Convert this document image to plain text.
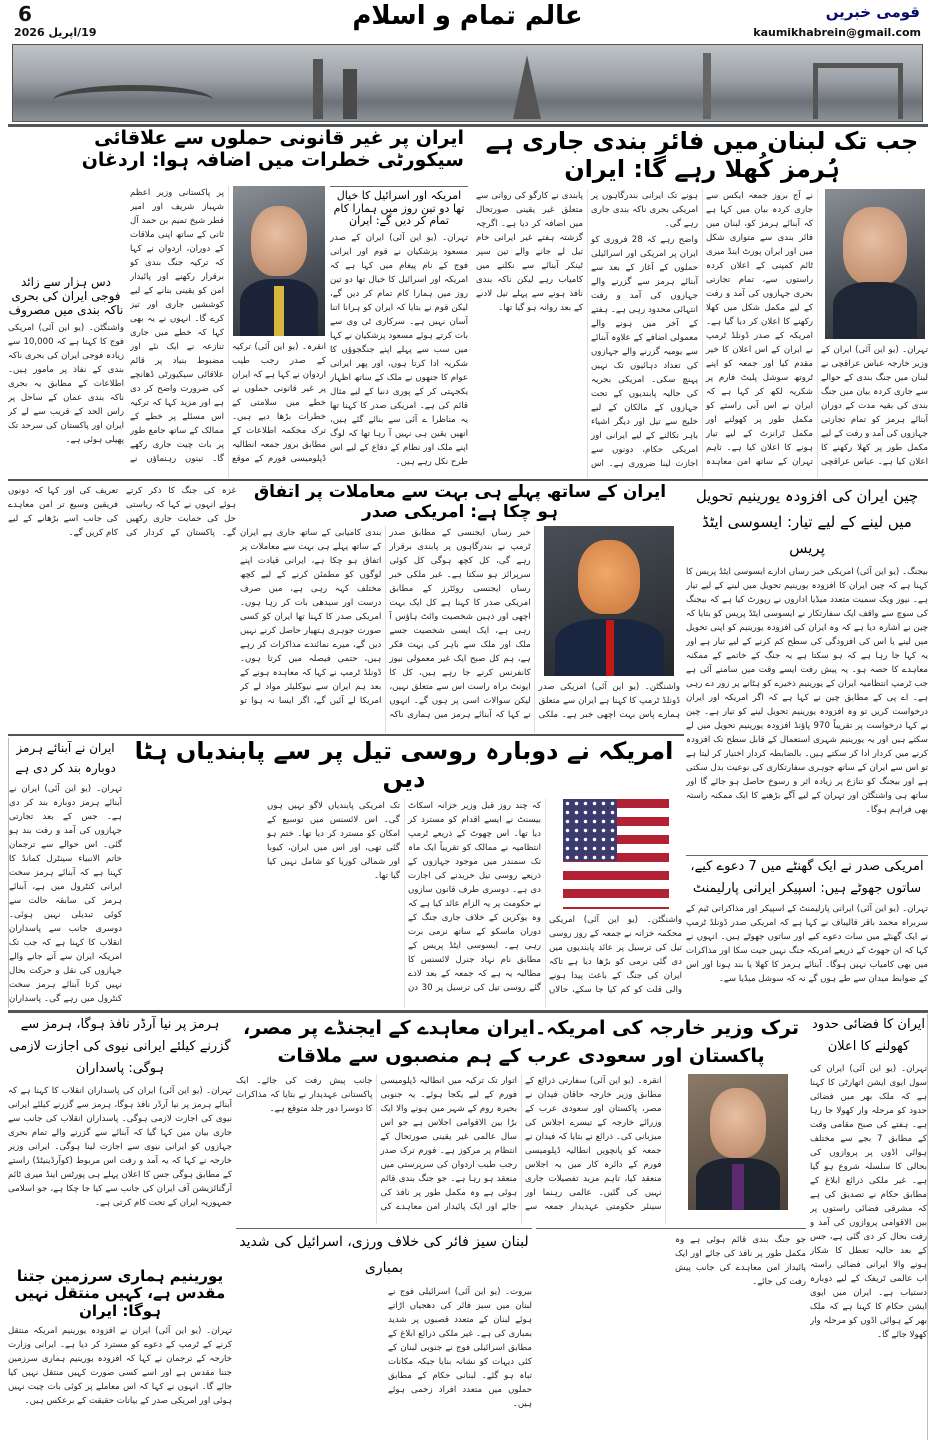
6
19/اپریل 2026
عالم تمام و اسلام	قومی خبریں
kaumikhabrein@gmail.com
جب تک لبنان میں فائر بندی جاری ہے ہُرمز کُھلا رہے گا: ایران

تہران۔ (یو این آئی) ایران کے وزیر خارجہ عباس عراقچی نے لبنان میں جنگ بندی کے حوالے سے جاری کردہ بیان میں جنگ بندی کی بقیہ مدت کے دوران آبنائے ہرمز کو تمام تجارتی جہازوں کی آمد و رفت کے لیے مکمل طور پر کھلا رکھنے کا اعلان کیا ہے۔ عباس عراقچی نے آج بروز جمعہ ایکس سے جاری کردہ بیان میں کہا ہے کہ آبنائے ہرمز کو، لبنان میں فائر بندی سے متوازی شکل میں اور ایران پورٹ اینڈ میری ٹائم کمپنی کے اعلان کردہ راستوں سے، تمام تجارتی بحری جہازوں کی آمد و رفت کے لیے مکمل شکل میں کھلا رکھنے کا اعلان کر دیا گیا ہے۔ امریکہ کے صدر ڈونلڈ ٹرمپ نے ایران کے اس اعلان کا خیر مقدم کیا اور جمعہ کو اپنے ٹروتھ سوشل پلیٹ فارم پر شکریہ لکھ کر کہا ہے کہ ایران نے اس آبی راستے کو مکمل طور پر کھولنے اور مکمل ٹرانزٹ کے لیے تیار ہونے کا اعلان کیا ہے۔ تاہم تہران کے ساتھ امن معاہدہ ہونے تک ایرانی بندرگاہوں پر امریکی بحری ناکہ بندی جاری رہے گی۔

واضح رہے کہ 28 فروری کو ایران پر امریکی اور اسرائیلی حملوں کے آغاز کے بعد سے آبنائے ہرمز سے گزرنے والے جہازوں کی آمد و رفت انتہائی محدود رہی ہے۔ ہفتے کے آخر میں ہونے والے معمولی اضافے کے علاوہ آبنائے سے یومیہ گزرنے والے جہازوں کی تعداد دہائیوں تک نہیں پہنچ سکی۔ امریکی بحریہ کی حالیہ پابندیوں کے تحت جہازوں کے مالکان کے لیے خلیج سے تیل اور دیگر اشیاء باہر نکالنے کے لیے ایرانی اور امریکی حکام، دونوں سے اجازت لینا ضروری ہے۔ اس پابندی نے کارگو کی روانی سے متعلق غیر یقینی صورتحال میں اضافہ کر دیا ہے۔ اگرچہ گزشتہ ہفتے غیر ایرانی خام تیل لے جانے والے تین سپر ٹینکر آبنائے سے نکلنے میں کامیاب رہے لیکن ناکہ بندی نافذ ہونے سے پہلے تیل لادنے کے بعد روانہ ہو گیا تھا۔

ایران پر غیر قانونی حملوں سے علاقائی سیکورٹی خطرات میں اضافہ ہوا: اردغان
دس ہزار سے زائد فوجی ایران کی بحری ناکہ بندی میں مصروف
واشنگٹن۔ (یو این آئی) امریکی فوج کا کہنا ہے کہ 10,000 سے زیادہ فوجی ایران کی بحری ناکہ بندی کے نفاذ پر مامور ہیں۔ اطلاعات کے مطابق یہ بحری ناکہ بندی عمان کے ساحل پر راس الحد کے قریب سے لے کر ایران اور پاکستان کی سرحد تک پھیلی ہوئی ہے۔

انقرہ۔ (یو این آئی) ترکیہ کے صدر رجب طیب اردوان نے کہا ہے کہ ایران پر غیر قانونی حملوں نے خطے میں سلامتی کے خطرات بڑھا دیے ہیں۔ ترک محکمہ اطلاعات کے مطابق بروز جمعہ انطالیہ ڈپلومیسی فورم کے موقع پر پاکستانی وزیر اعظم شہباز شریف اور امیر قطر شیخ تمیم بن حمد آل ثانی کے ساتھ اپنی ملاقات کے دوران، اردوان نے کہا کہ ترکیہ جنگ بندی کو برقرار رکھنے اور پائیدار امن کو یقینی بنانے کے لیے کوششیں جاری اور تیز کرے گا۔ انہوں نے یہ بھی کہا کہ خطے میں جاری تنازعہ نے ایک نئے اور مضبوط بنیاد پر قائم علاقائی سیکیورٹی ڈھانچے کی ضرورت واضح کر دی ہے اور مزید کہا کہ ترکیہ اس مسئلے پر خطے کے ممالک کے ساتھ جامع طور پر بات چیت جاری رکھے گا۔ تینوں رہنماؤں نے

امریکہ اور اسرائیل کا خیال تھا دو تین روز میں ہمارا کام تمام کر دیں گے: ایران
تہران۔ (یو این آئی) ایران کے صدر مسعود پزشکیان نے قوم اور ایرانی فوج کے نام پیغام میں کہا ہے کہ امریکہ اور اسرائیل کا خیال تھا دو تین روز میں ہمارا کام تمام کر دیں گے، لیکن قوم نے بتایا کہ ایران کو ہرانا اتنا آسان نہیں ہے۔ سرکاری ٹی وی سے بات کرتے ہوئے مسعود پزشکیان نے کہا میں سب سے پہلے اپنے جنگجوؤں کا شکریہ ادا کرتا ہوں، اور پھر ایرانی عوام کا جنھوں نے ملک کے ساتھ اظہار یکجہتی کر کے پوری دنیا کے لیے مثال قائم کی ہے۔ امریکی صدر کا کہنا تھا یہ مناظرا ے آئی سے بنائے گئے ہیں، انھیں یقین ہی نہیں آ رہا تھا کہ لوگ اپنے ملک اور نظام کے دفاع کے لیے اس طرح نکل رہے ہیں۔
ایران کے ساتھ پہلے ہی بہت سے معاملات پر اتفاق ہو چکا ہے: امریکی صدر

واشنگٹن۔ (یو این آئی) امریکی صدر ڈونلڈ ٹرمپ کا کہنا ہے ایران سے متعلق ہمارے پاس بہت اچھی خبر ہے۔ ملکی خبر رساں ایجنسی کے مطابق صدر ٹرمپ نے بندرگاہوں پر پابندی برقرار رہے گی، کل کچھ ہوگی کل کوئی سرپرائز ہو سکتا ہے۔ غیر ملکی خبر رساں ایجنسی روئٹرز کے مطابق امریکی صدر کا کہنا ہے کل ایک بہت اچھی اور ذہین شخصیت وائٹ ہاؤس آ رہی ہے، ایک ایسی شخصیت جسے ملک اور ملک سے باہر کی بہت فکر ہے، ہم کل صبح ایک غیر معمولی نیوز کانفرنس کرنے جا رہے ہیں، کل کا ایونٹ براہ راست اس سے متعلق نہیں، لیکن سوالات اسی پر ہوں گے۔ انہوں نے کہا کہ آبنائے ہرمز میں ہماری ناکہ بندی کامیابی کے ساتھ جاری ہے ایران کے ساتھ پہلے ہی بہت سے معاملات پر اتفاق ہو چکا ہے، ایرانی قیادت اپنے لوگوں کو مطمئن کرنے کے لیے کچھ مختلف کہہ رہی ہے، میں صرف درست اور سیدھی بات کر رہا ہوں۔ امریکی صدر کا کہنا تھا ایران کو کسی صورت جوہری ہتھیار حاصل کرنے نہیں دیں گے، میرے نمائندے مذاکرات کر رہے ہیں، حتمی فیصلہ میں کرتا ہوں۔ ڈونلڈ ٹرمپ نے کہا کہ معاہدہ ہونے کے بعد ہم ایران سے نیوکلیئر مواد لے کر امریکا لے آئیں گے، اگر ایسا نہ ہوا تو

غزہ کی جنگ کا ذکر کرتے ہوئے انہوں نے کہا کہ ریاستی حل کی حمایت جاری رکھیں گے۔ پاکستان کے کردار کی تعریف کی اور کہا کہ دونوں فریقین وسیع تر امن معاہدے کی جانب اسے بڑھانے کے لیے کام کریں گے۔

چین ایران کی افزودہ یورینیم تحویل میں لینے کے لیے تیار: ایسوسی ایٹڈ پریس
بیجنگ۔ (یو این آئی) امریکی خبر رساں ادارے ایسوسی ایٹڈ پریس کا کہنا ہے کہ چین ایران کا افزودہ یورینیم تحویل میں لینے کے لیے تیار ہے۔ نیوز ویک سمیت متعدد میڈیا اداروں نے رپورٹ کیا ہے کہ بیجنگ کی سوچ سے واقف ایک سفارتکار نے ایسوسی ایٹڈ پریس کو بتایا کہ چین نے اشارہ دیا ہے کہ وہ ایران کی افزودہ یورینیم کو اپنی تحویل میں لینے یا اس کی افزودگی کی سطح کم کرنے کے لیے تیار ہے اور یہ کہا جا رہا ہے کہ ہو سکتا ہے یہ جنگ کے خاتمے کے ممکنہ معاہدے کا حصہ ہو۔ یہ پیش رفت ایسے وقت میں سامنے آئی ہے جب ٹرمپ انتظامیہ ایران کے یورینیم ذخیرے کو ہٹانے پر زور دے رہی ہے۔ اے پی کے مطابق چین نے کہا ہے کہ اگر امریکہ اور ایران درخواست کریں تو وہ افزودہ یورینیم تحویل لینے کو تیار ہے۔ چین نے کہا درخواست پر تقریباً 970 پاؤنڈ افزودہ یورینیم تحویل میں لے سکتے ہیں اور یہ یورینیم شہری استعمال کے قابل سطح تک افزودہ کرنے میں کردار ادا کر سکتے ہیں۔ بالضابطہ کردار اختیار کر لیتا ہے تو اس سے ایران کے ساتھ جوہری سفارتکاری کی نوعیت بدل سکتی ہے اور بیجنگ کو تنازع پر زیادہ اثر و رسوخ حاصل ہو جائے گا اور ساتھ ہی واشنگٹن اور تہران کے لیے آگے بڑھنے کا ایک ممکنہ راستہ بھی فراہم ہوگا۔
امریکہ نے دوبارہ روسی تیل پر سے پابندیاں ہٹا دیں

واشنگٹن۔ (یو این آئی) امریکی محکمہ خزانہ نے جمعہ کے روز روسی تیل کی ترسیل پر عائد پابندیوں میں دی گئی نرمی کو بڑھا دیا ہے تاکہ ایران کی جنگ کے باعث پیدا ہونے والی قلت کو کم کیا جا سکے، حالاں کہ چند روز قبل وزیر خزانہ اسکاٹ بیسنٹ نے ایسے اقدام کو مسترد کر دیا تھا۔ اس چھوٹ کے ذریعے ٹرمپ انتظامیہ نے ممالک کو تقریباً ایک ماہ تک سمندر میں موجود جہازوں کے ذریعے روسی تیل خریدنے کی اجازت دی ہے۔ دوسری طرف قانون سازوں نے حکومت پر یہ الزام عائد کیا ہے کہ وہ یوکرین کے خلاف جاری جنگ کے دوران ماسکو کے ساتھ نرمی برت رہی ہے۔ ایسوسی ایٹڈ پریس کے مطابق نام نہاد جنرل لائسنس کا مطالبہ یہ ہے کہ جمعہ کے بعد لادے گئے روسی تیل کی ترسیل پر 30 دن تک امریکی پابندیاں لاگو نہیں ہوں گی۔ اس لائسنس میں توسیع کے امکان کو مسترد کر دیا تھا۔ ختم ہو گئی تھی، اور اس میں ایران، کیوبا اور شمالی کوریا کو شامل نہیں کیا گیا تھا۔

ایران نے آبنائے ہرمز دوبارہ بند کر دی ہے
تہران۔ (یو این آئی) ایران نے آبنائے ہرمز دوبارہ بند کر دی ہے۔ جس کے بعد تجارتی جہازوں کی آمد و رفت بند ہو گئی۔ اس حوالے سے ترجمان خاتم الانبیاء سینٹرل کمانڈ کا کہنا ہے کہ آبنائے ہرمز سخت ایرانی کنٹرول میں ہے، آبنائے ہرمز کی سابقہ حالت سے کوئی تبدیلی نہیں ہوئی۔ دوسری جانب سے پاسداران انقلاب کا کہنا ہے کہ جب تک امریکہ ایران سے آنے جانے والے جہازوں کی نقل و حرکت بحال نہیں کرتا آبنائے ہرمز سخت کنٹرول میں رہے گی۔ پاسداران
امریکی صدر نے ایک گھنٹے میں 7 دعوے کیے، ساتوں جھوٹے ہیں: اسپیکر ایرانی پارلیمنٹ
تہران۔ (یو این آئی) ایرانی پارلیمنٹ کے اسپیکر اور مذاکراتی ٹیم کے سربراہ محمد باقر قالیباف نے کہا ہے کہ امریکی صدر ڈونلڈ ٹرمپ نے ایک گھنٹے میں سات دعوے کیے اور ساتوں جھوٹے ہیں۔ انہوں نے کہا کہ ان جھوٹ کے ذریعے امریکہ جنگ نہیں جیت سکا اور مذاکرات میں بھی کامیاب نہیں ہوگا۔ آبنائے ہرمز کا کھلا یا بند ہونا اور اس کے ضوابط میدان سے طے ہوں گے نہ کہ سوشل میڈیا سے۔
ترک وزیر خارجہ کی امریکہ۔ایران معاہدے کے ایجنڈے پر مصر، پاکستان اور سعودی عرب کے ہم منصبوں سے ملاقات

انقرہ۔ (یو این آئی) سفارتی ذرائع کے مطابق وزیر خارجہ حاقان فیدان نے مصر، پاکستان اور سعودی عرب کے وزرائے خارجہ کے تیسرے اجلاس کی میزبانی کی۔ ذرائع نے بتایا کہ فیدان نے جمعہ کو پانچویں انطالیہ ڈپلومیسی فورم کے دائرہ کار میں یہ اجلاس منعقد کیا، تاہم مزید تفصیلات جاری نہیں کی گئیں۔ عالمی رہنما اور سینئر حکومتی عہدیدار جمعہ سے اتوار تک ترکیہ میں انطالیہ ڈپلومیسی فورم کے لیے یکجا ہوئے۔ یہ جنوبی بحیرہ روم کے شہر میں ہونے والا ایک بڑا بین الاقوامی اجلاس ہے جو اس سال عالمی غیر یقینی صورتحال کے انتظام پر مرکوز ہے۔ فورم ترک صدر رجب طیب اردوان کی سرپرستی میں منعقد ہو رہا ہے۔ جو جنگ بندی قائم ہوئی ہے وہ مکمل طور پر نافذ کی جائے اور ایک پائیدار امن معاہدے کی جانب پیش رفت کی جائے۔ ایک پاکستانی عہدیدار نے بتایا کہ مذاکرات کا دوسرا دور جلد متوقع ہے۔

لبنان سیز فائر کی خلاف ورزی، اسرائیل کی شدید بمباری
بیروت۔ (یو این آئی) اسرائیلی فوج نے لبنان میں سیز فائر کی دھجیاں اڑاتے ہوئے لبنان کے متعدد قصبوں پر شدید بمباری کی ہے۔ غیر ملکی ذرائع ابلاغ کے مطابق اسرائیلی فوج نے جنوبی لبنان کے کئی دیہات کو نشانہ بنایا جبکہ مکانات تباہ ہو گئے۔ لبنانی حکام کے مطابق حملوں میں متعدد افراد زخمی ہوئے ہیں۔

جو جنگ بندی قائم ہوئی ہے وہ مکمل طور پر نافذ کی جائے اور ایک پائیدار امن معاہدے کی جانب پیش رفت کی جائے۔

ایران کا فضائی حدود کھولنے کا اعلان
تہران۔ (یو این آئی) ایران کی سول ایوی ایشن اتھارٹی کا کہنا ہے کہ ملک بھر میں فضائی حدود کو مرحلہ وار کھولا جا رہا ہے۔ ہفتے کی صبح مقامی وقت کے مطابق 7 بجے سے مختلف ہوائی اڈوں پر پروازوں کی بحالی کا سلسلہ شروع ہو گیا ہے۔ غیر ملکی ذرائع ابلاغ کے مطابق حکام نے تصدیق کی ہے کہ مشرقی فضائی راستوں پر بین الاقوامی پروازوں کی آمد و رفت بحال کر دی گئی ہے، جس کے بعد حالیہ تعطل کا شکار ہونے والا ایرانی فضائی راستہ اب عالمی ٹریفک کے لیے دوبارہ دستیاب ہے۔ ایران میں ایوی ایشن حکام کا کہنا ہے کہ ملک بھر کے ہوائی اڈوں کو مرحلہ وار کھولا جائے گا۔
ہرمز پر نیا آرڈر نافذ ہوگا، ہرمز سے گزرنے کیلئے ایرانی نیوی کی اجازت لازمی ہوگی: پاسداران
تہران۔ (یو این آئی) ایران کی پاسداران انقلاب کا کہنا ہے کہ آبنائے ہرمز پر نیا آرڈر نافذ ہوگا، ہرمز سے گزرنے کیلئے ایرانی نیوی کی اجازت لازمی ہوگی۔ پاسداران انقلاب کی جانب سے جاری بیان میں کہا گیا کہ آبنائے سے گزرنے والے تمام بحری جہازوں کو ایرانی نیوی سے اجازت لینا ہوگی۔ ایرانی وزیر خارجہ نے کہا کہ یہ آمد و رفت اس مربوط (کوآرڈینیٹڈ) راستے کے مطابق ہوگی جس کا اعلان پہلے ہی پورٹس اینڈ میری ٹائم آرگنائزیشن آف ایران کی جانب سے کیا جا چکا ہے، جو اسلامی جمہوریہ ایران کے تحت کام کرتی ہے۔
یورینیم ہماری سرزمین جتنا مقدس ہے، کہیں منتقل نہیں ہوگا: ایران
تہران۔ (یو این آئی) ایران نے افزودہ یورینیم امریکہ منتقل کرنے کے ٹرمپ کے دعوے کو مسترد کر دیا ہے۔ ایرانی وزارت خارجہ کے ترجمان نے کہا کہ افزودہ یورینیم ہماری سرزمین جتنا مقدس ہے اور اسے کسی صورت کہیں منتقل نہیں کیا جائے گا۔ انہوں نے کہا کہ اس معاملے پر کوئی بات چیت نہیں ہوئی اور امریکی صدر کے بیانات حقیقت کے برعکس ہیں۔
